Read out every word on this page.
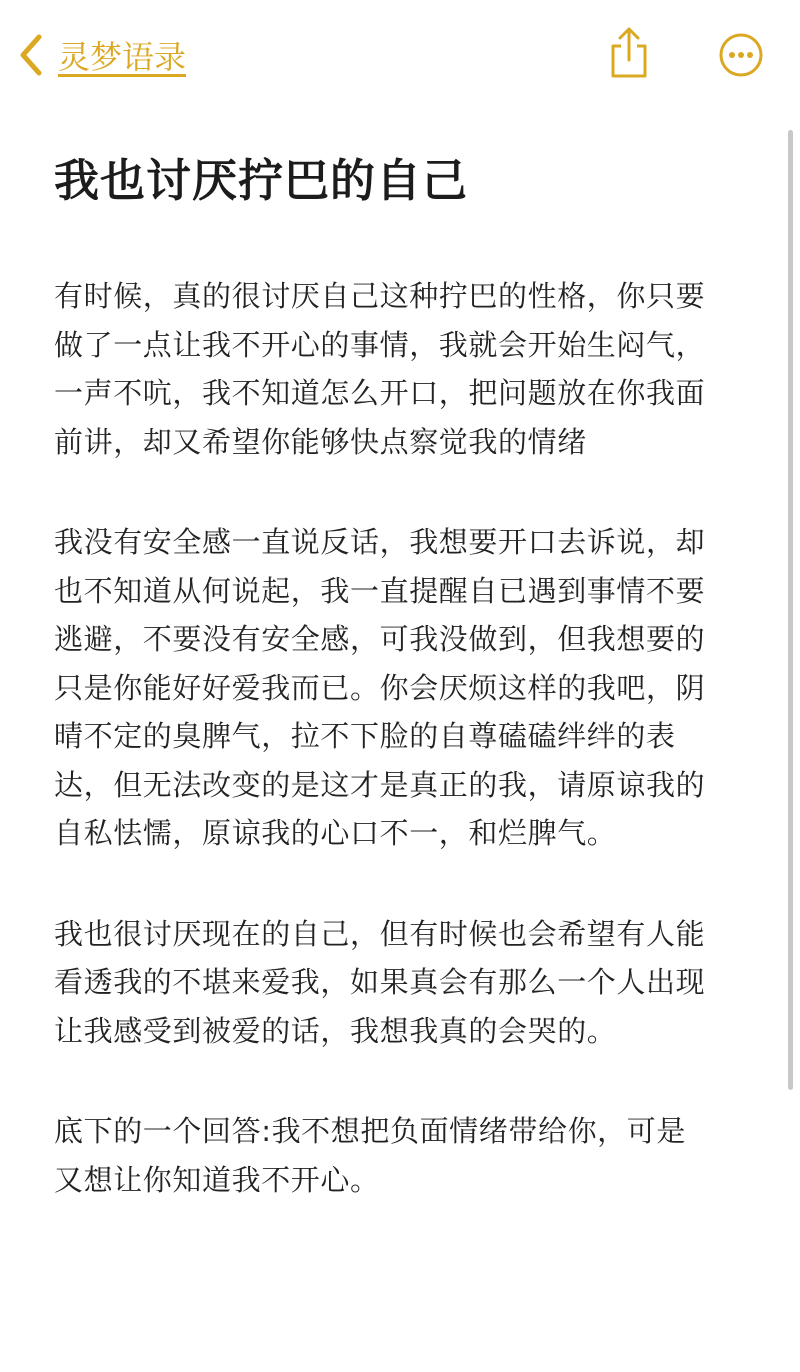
灵梦语录
我也讨厌拧巴的自己
有时候，真的很讨厌自己这种拧巴的性格，你只要
做了一点让我不开心的事情，我就会开始生闷气，
一声不吭，我不知道怎么开口，把问题放在你我面
前讲，却又希望你能够快点察觉我的情绪
我没有安全感一直说反话，我想要开口去诉说，却
也不知道从何说起，我一直提醒自已遇到事情不要
逃避，不要没有安全感，可我没做到，但我想要的
只是你能好好爱我而已。你会厌烦这样的我吧，阴
晴不定的臭脾气，拉不下脸的自尊磕磕绊绊的表
达，但无法改变的是这才是真正的我，请原谅我的
自私怯懦，原谅我的心口不一，和烂脾气。
我也很讨厌现在的自己，但有时候也会希望有人能
看透我的不堪来爱我，如果真会有那么一个人出现
让我感受到被爱的话，我想我真的会哭的。
底下的一个回答:我不想把负面情绪带给你，可是
又想让你知道我不开心。
